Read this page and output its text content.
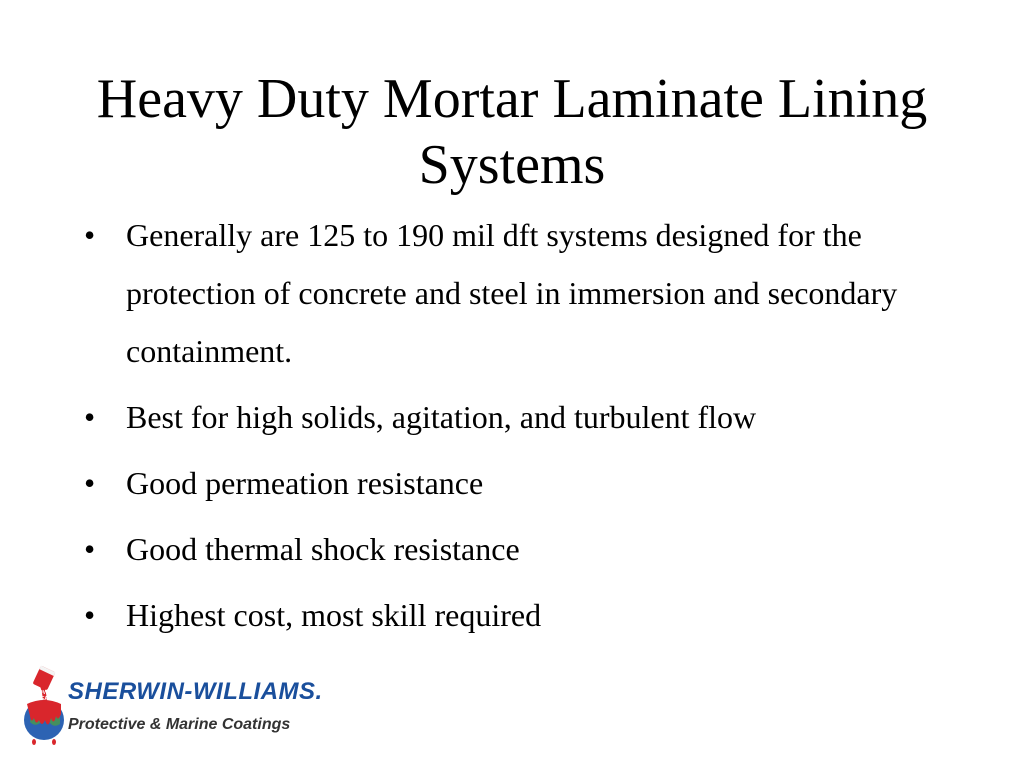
Heavy Duty Mortar Laminate Lining Systems
• Generally are 125 to 190 mil dft systems designed for the protection of concrete and steel in immersion and secondary containment.
• Best for high solids, agitation, and turbulent flow
• Good permeation resistance
• Good thermal shock resistance
• Highest cost, most skill required
COVER
THE EARTH SHERWIN-WILLIAMS.
Protective & Marine Coatings
